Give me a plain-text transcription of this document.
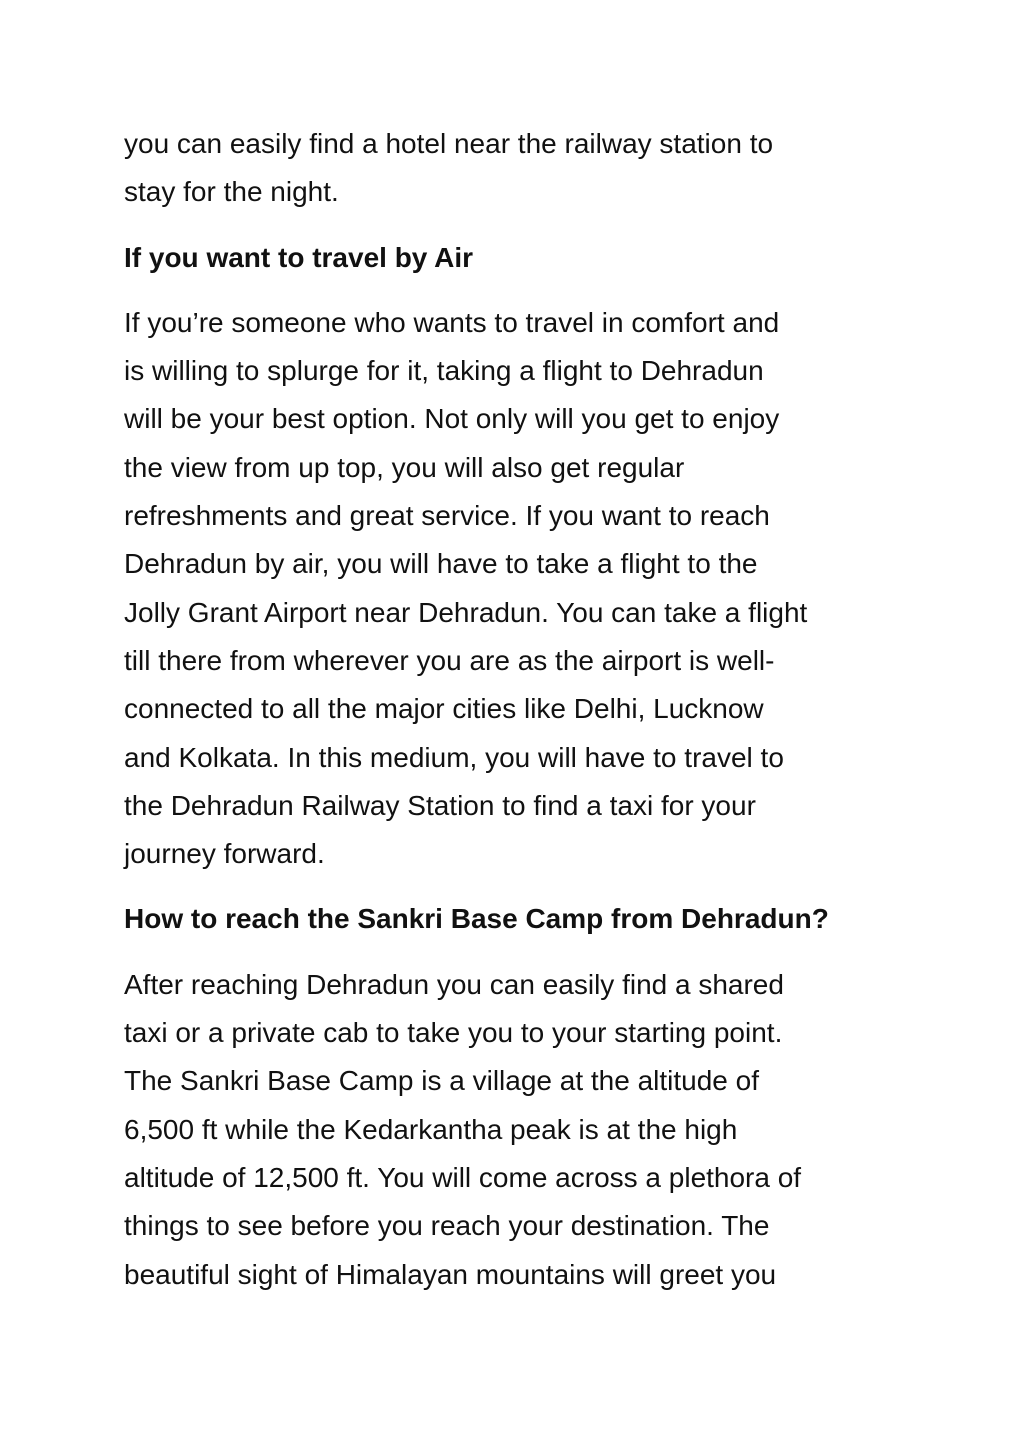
you can easily find a hotel near the railway station to
stay for the night.

If you want to travel by Air

If you’re someone who wants to travel in comfort and
is willing to splurge for it, taking a flight to Dehradun
will be your best option. Not only will you get to enjoy
the view from up top, you will also get regular
refreshments and great service. If you want to reach
Dehradun by air, you will have to take a flight to the
Jolly Grant Airport near Dehradun. You can take a flight
till there from wherever you are as the airport is well-
connected to all the major cities like Delhi, Lucknow
and Kolkata. In this medium, you will have to travel to
the Dehradun Railway Station to find a taxi for your
journey forward.

How to reach the Sankri Base Camp from Dehradun?

After reaching Dehradun you can easily find a shared
taxi or a private cab to take you to your starting point.
The Sankri Base Camp is a village at the altitude of
6,500 ft while the Kedarkantha peak is at the high
altitude of 12,500 ft. You will come across a plethora of
things to see before you reach your destination. The
beautiful sight of Himalayan mountains will greet you
